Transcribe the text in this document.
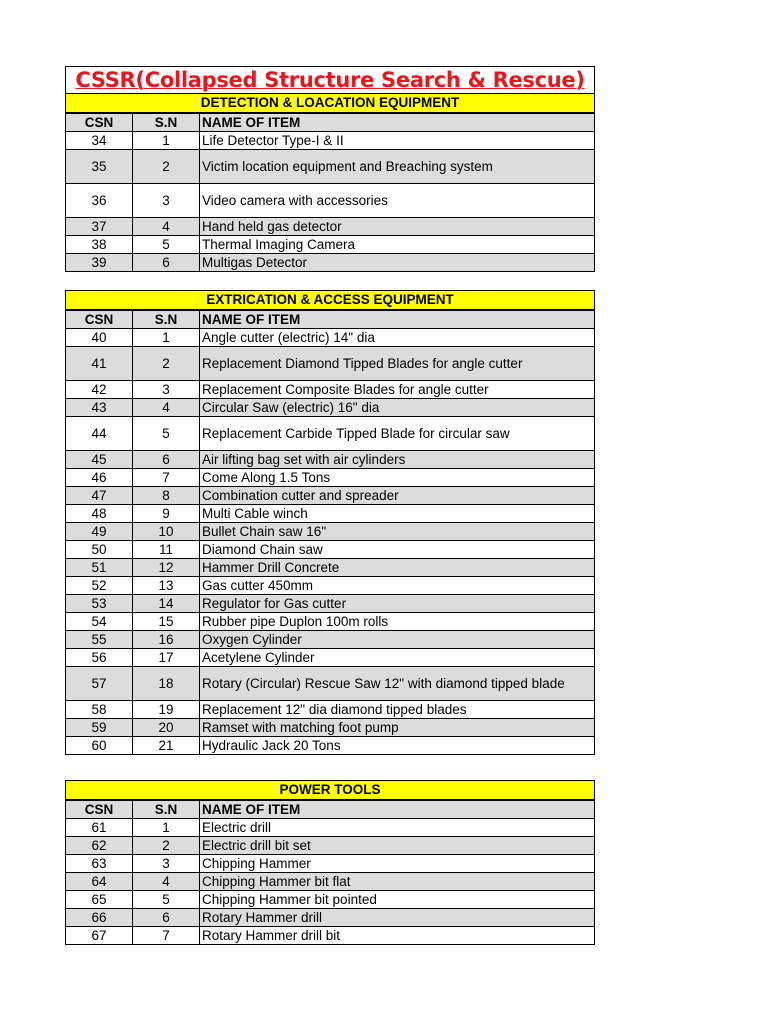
CSSR(Collapsed Structure Search & Rescue)
DETECTION & LOACATION EQUIPMENT
CSN	S.N	NAME OF ITEM
34	1	Life Detector Type-I & II
35	2	Victim location equipment and Breaching system
36	3	Video camera with accessories
37	4	Hand held gas detector
38	5	Thermal Imaging Camera
39	6	Multigas Detector
EXTRICATION & ACCESS EQUIPMENT
CSN	S.N	NAME OF ITEM
40	1	Angle cutter (electric) 14" dia
41	2	Replacement Diamond Tipped Blades for angle cutter
42	3	Replacement Composite Blades for angle cutter
43	4	Circular Saw (electric) 16" dia
44	5	Replacement Carbide Tipped Blade for circular saw
45	6	Air lifting bag set with air cylinders
46	7	Come Along 1.5 Tons
47	8	Combination cutter and spreader
48	9	Multi Cable winch
49	10	Bullet Chain saw 16"
50	11	Diamond Chain saw
51	12	Hammer Drill Concrete
52	13	Gas cutter 450mm
53	14	Regulator for Gas cutter
54	15	Rubber pipe Duplon 100m rolls
55	16	Oxygen Cylinder
56	17	Acetylene Cylinder
57	18	Rotary (Circular) Rescue Saw 12" with diamond tipped blade
58	19	Replacement 12" dia diamond tipped blades
59	20	Ramset with matching foot pump
60	21	Hydraulic Jack 20 Tons
POWER TOOLS
CSN	S.N	NAME OF ITEM
61	1	Electric drill
62	2	Electric drill bit set
63	3	Chipping Hammer
64	4	Chipping Hammer bit flat
65	5	Chipping Hammer bit pointed
66	6	Rotary Hammer drill
67	7	Rotary Hammer drill bit
